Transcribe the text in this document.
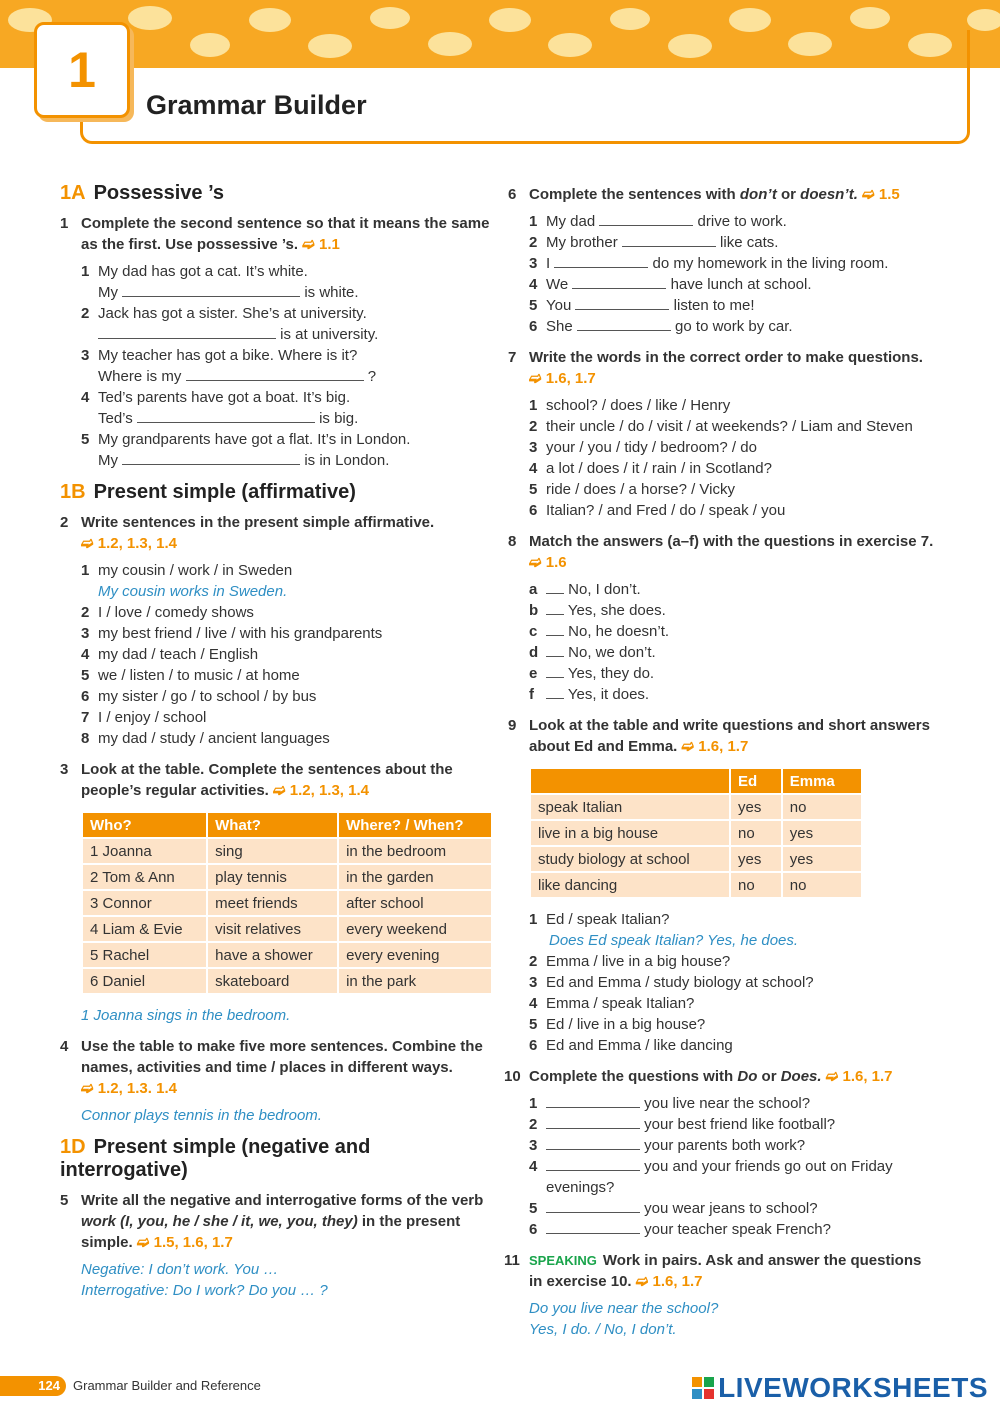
1
Grammar Builder
1A Possessive ’s
1 Complete the second sentence so that it means the same as the first. Use possessive ’s. ➫ 1.1
1 My dad has got a cat. It’s white.
My	is white.
2 Jack has got a sister. She’s at university.
is at university.
3 My teacher has got a bike. Where is it?
Where is my	?
4 Ted’s parents have got a boat. It’s big.
Ted’s	is big.
5 My grandparents have got a flat. It’s in London.
My	is in London.
1B Present simple (affirmative)
2 Write sentences in the present simple affirmative.
➫ 1.2, 1.3, 1.4
1 my cousin / work / in Sweden
My cousin works in Sweden.
2 I / love / comedy shows
3 my best friend / live / with his grandparents
4 my dad / teach / English
5 we / listen / to music / at home
6 my sister / go / to school / by bus
7 I / enjoy / school
8 my dad / study / ancient languages
3 Look at the table. Complete the sentences about the people’s regular activities. ➫ 1.2, 1.3, 1.4
Who?	What?	Where? / When?
1 Joanna	sing	in the bedroom
2 Tom & Ann	play tennis	in the garden
3 Connor	meet friends	after school
4 Liam & Evie	visit relatives	every weekend
5 Rachel	have a shower	every evening
6 Daniel	skateboard	in the park
1 Joanna sings in the bedroom.
4 Use the table to make five more sentences. Combine the names, activities and time / places in different ways.
➫ 1.2, 1.3. 1.4
Connor plays tennis in the bedroom.
1D Present simple (negative and interrogative)
5 Write all the negative and interrogative forms of the verb work (I, you, he / she / it, we, you, they) in the present simple. ➫ 1.5, 1.6, 1.7
Negative: I don’t work. You …
Interrogative: Do I work? Do you … ?
6 Complete the sentences with don’t or doesn’t. ➫ 1.5
1 My dad	drive to work.
2 My brother	like cats.
3 I	do my homework in the living room.
4 We	have lunch at school.
5 You	listen to me!
6 She	go to work by car.
7 Write the words in the correct order to make questions.
➫ 1.6, 1.7
1 school? / does / like / Henry
2 their uncle / do / visit / at weekends? / Liam and Steven
3 your / you / tidy / bedroom? / do
4 a lot / does / it / rain / in Scotland?
5 ride / does / a horse? / Vicky
6 Italian? / and Fred / do / speak / you
8 Match the answers (a–f) with the questions in exercise 7.
➫ 1.6
a No, I don’t.
b Yes, she does.
c No, he doesn’t.
d No, we don’t.
e Yes, they do.
f Yes, it does.
9 Look at the table and write questions and short answers about Ed and Emma. ➫ 1.6, 1.7
	Ed	Emma
speak Italian	yes	no
live in a big house	no	yes
study biology at school	yes	yes
like dancing	no	no
1 Ed / speak Italian?
Does Ed speak Italian? Yes, he does.
2 Emma / live in a big house?
3 Ed and Emma / study biology at school?
4 Emma / speak Italian?
5 Ed / live in a big house?
6 Ed and Emma / like dancing
10 Complete the questions with Do or Does. ➫ 1.6, 1.7
1	you live near the school?
2	your best friend like football?
3	your parents both work?
4	you and your friends go out on Friday evenings?
5	you wear jeans to school?
6	your teacher speak French?
11 SPEAKING Work in pairs. Ask and answer the questions in exercise 10. ➫ 1.6, 1.7
Do you live near the school?
Yes, I do. / No, I don’t.
124	Grammar Builder and Reference	LIVEWORKSHEETS
